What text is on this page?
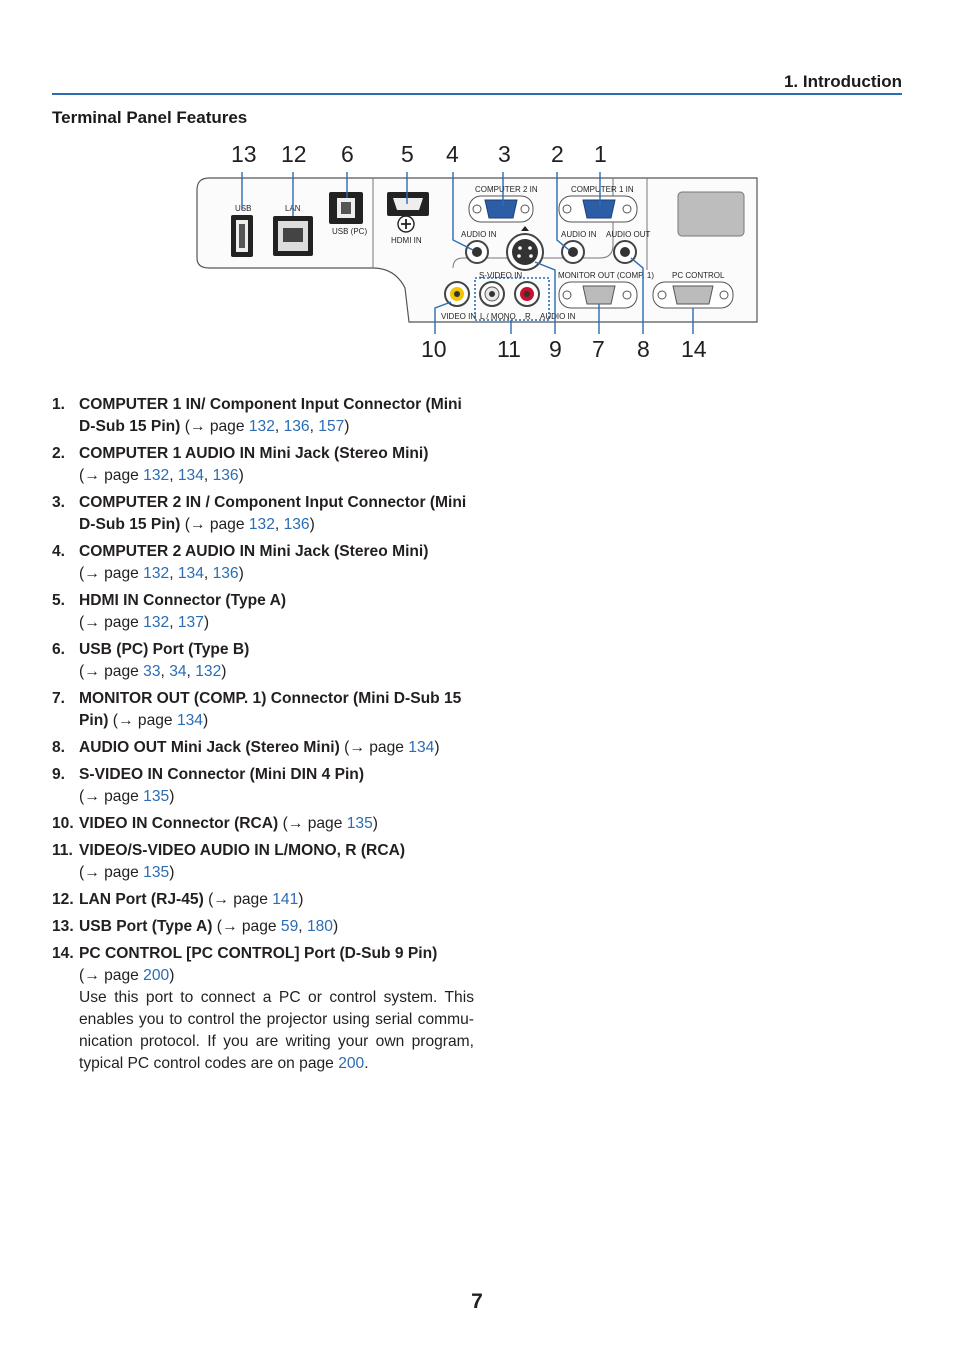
1. Introduction
Terminal Panel Features
USB	LAN
USB (PC)
HDMI IN
COMPUTER 2 IN	COMPUTER 1 IN
AUDIO IN	AUDIO IN AUDIO OUT
S-VIDEO IN	MONITOR OUT (COMP. 1) PC CONTROL
VIDEO IN L / MONO R AUDIO IN
13 12 6 5 4 3 2 1
10 11 9 7 8 14
1. COMPUTER 1 IN/ Component Input Connector (Mini D-Sub 15 Pin) (→ page 132, 136, 157)
2. COMPUTER 1 AUDIO IN Mini Jack (Stereo Mini)
(→ page 132, 134, 136)
3. COMPUTER 2 IN / Component Input Connector (Mini D-Sub 15 Pin) (→ page 132, 136)
4. COMPUTER 2 AUDIO IN Mini Jack (Stereo Mini)
(→ page 132, 134, 136)
5. HDMI IN Connector (Type A)
(→ page 132, 137)
6. USB (PC) Port (Type B)
(→ page 33, 34, 132)
7. MONITOR OUT (COMP. 1) Connector (Mini D-Sub 15 Pin) (→ page 134)
8. AUDIO OUT Mini Jack (Stereo Mini) (→ page 134)
9. S-VIDEO IN Connector (Mini DIN 4 Pin)
(→ page 135)
10. VIDEO IN Connector (RCA) (→ page 135)
11. VIDEO/S-VIDEO AUDIO IN L/MONO, R (RCA)
(→ page 135)
12. LAN Port (RJ-45) (→ page 141)
13. USB Port (Type A) (→ page 59, 180)
14. PC CONTROL [PC CONTROL] Port (D-Sub 9 Pin)
(→ page 200)
Use this port to connect a PC or control system. This enables you to control the projector using serial commu-nication protocol. If you are writing your own program, typical PC control codes are on page 200.
7
